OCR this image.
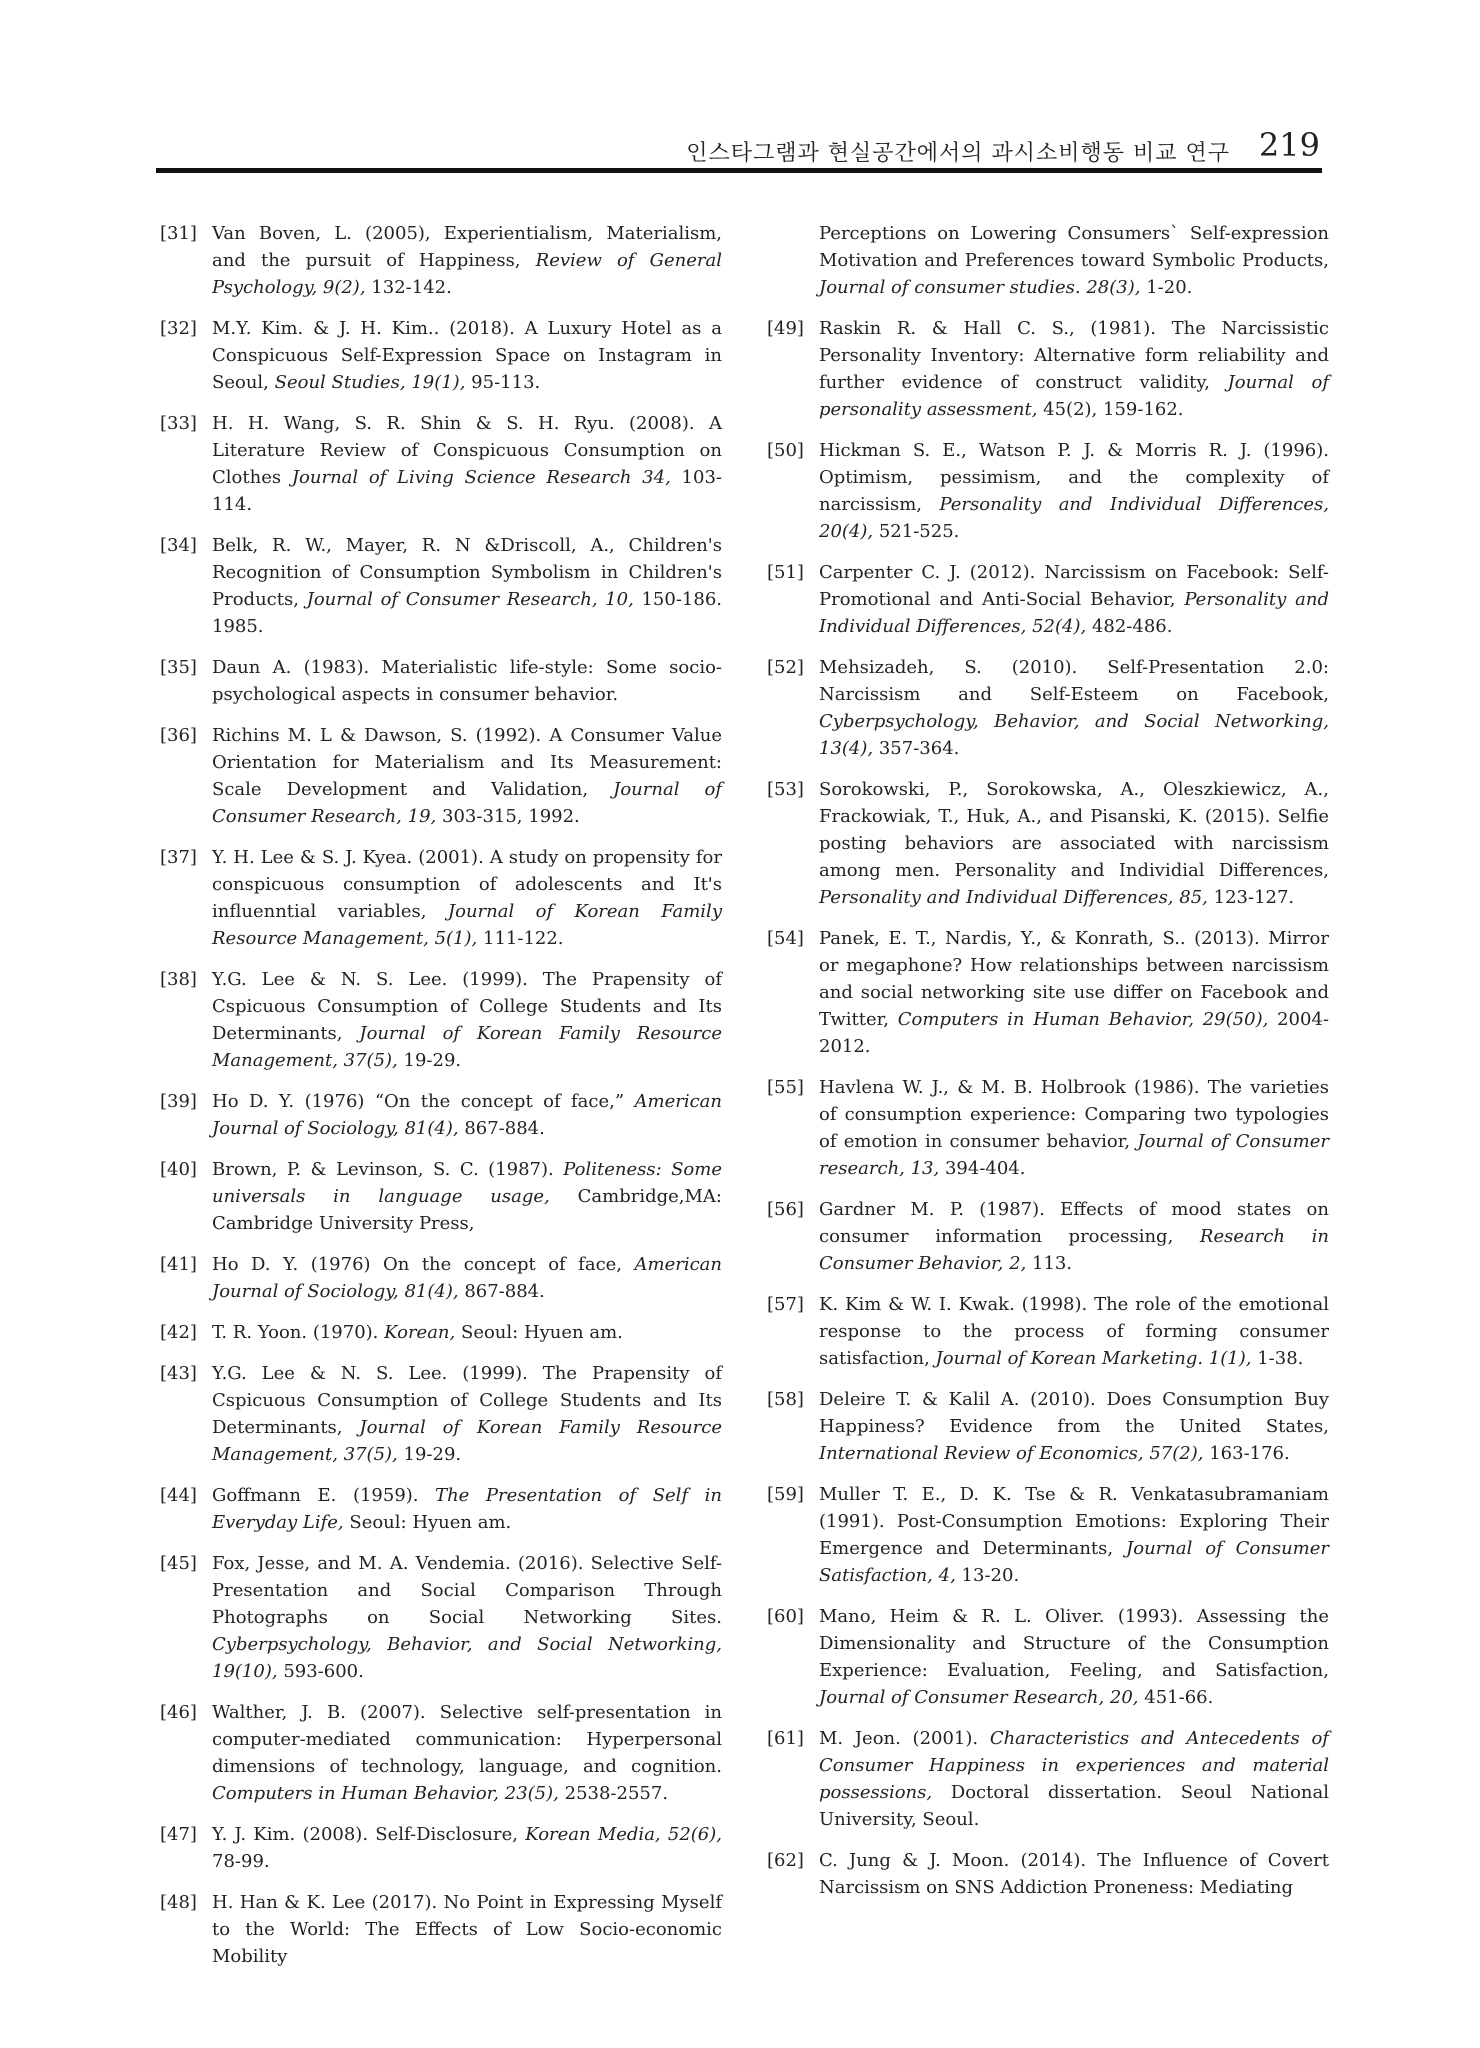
인스타그램과 현실공간에서의 과시소비행동 비교 연구 219
[31] Van Boven, L. (2005), Experientialism, Materialism, and the pursuit of Happiness, Review of General Psychology, 9(2), 132-142.
[32] M.Y. Kim. & J. H. Kim.. (2018). A Luxury Hotel as a Conspicuous Self-Expression Space on Instagram in Seoul, Seoul Studies, 19(1), 95-113.
[33] H. H. Wang, S. R. Shin & S. H. Ryu. (2008). A Literature Review of Conspicuous Consumption on Clothes Journal of Living Science Research 34, 103-114.
[34] Belk, R. W., Mayer, R. N &Driscoll, A., Children's Recognition of Consumption Symbolism in Children's Products, Journal of Consumer Research, 10, 150-186. 1985.
[35] Daun A. (1983). Materialistic life-style: Some socio-psychological aspects in consumer behavior.
[36] Richins M. L & Dawson, S. (1992). A Consumer Value Orientation for Materialism and Its Measurement: Scale Development and Validation, Journal of Consumer Research, 19, 303-315, 1992.
[37] Y. H. Lee & S. J. Kyea. (2001). A study on propensity for conspicuous consumption of adolescents and It's influenntial variables, Journal of Korean Family Resource Management, 5(1), 111-122.
[38] Y.G. Lee & N. S. Lee. (1999). The Prapensity of Cspicuous Consumption of College Students and Its Determinants, Journal of Korean Family Resource Management, 37(5), 19-29.
[39] Ho D. Y. (1976) “On the concept of face,” American Journal of Sociology, 81(4), 867-884.
[40] Brown, P. & Levinson, S. C. (1987). Politeness: Some universals in language usage, Cambridge,MA: Cambridge University Press,
[41] Ho D. Y. (1976) On the concept of face, American Journal of Sociology, 81(4), 867-884.
[42] T. R. Yoon. (1970). Korean, Seoul: Hyuen am.
[43] Y.G. Lee & N. S. Lee. (1999). The Prapensity of Cspicuous Consumption of College Students and Its Determinants, Journal of Korean Family Resource Management, 37(5), 19-29.
[44] Goffmann E. (1959). The Presentation of Self in Everyday Life, Seoul: Hyuen am.
[45] Fox, Jesse, and M. A. Vendemia. (2016). Selective Self-Presentation and Social Comparison Through Photographs on Social Networking Sites. Cyberpsychology, Behavior, and Social Networking, 19(10), 593-600.
[46] Walther, J. B. (2007). Selective self-presentation in computer-mediated communication: Hyperpersonal dimensions of technology, language, and cognition. Computers in Human Behavior, 23(5), 2538-2557.
[47] Y. J. Kim. (2008). Self-Disclosure, Korean Media, 52(6), 78-99.
[48] H. Han & K. Lee (2017). No Point in Expressing Myself to the World: The Effects of Low Socio-economic Mobility
Perceptions on Lowering Consumers` Self-expression Motivation and Preferences toward Symbolic Products, Journal of consumer studies. 28(3), 1-20.
[49] Raskin R. & Hall C. S., (1981). The Narcissistic Personality Inventory: Alternative form reliability and further evidence of construct validity, Journal of personality assessment, 45(2), 159-162.
[50] Hickman S. E., Watson P. J. & Morris R. J. (1996). Optimism, pessimism, and the complexity of narcissism, Personality and Individual Differences, 20(4), 521-525.
[51] Carpenter C. J. (2012). Narcissism on Facebook: Self-Promotional and Anti-Social Behavior, Personality and Individual Differences, 52(4), 482-486.
[52] Mehsizadeh, S. (2010). Self-Presentation 2.0: Narcissism and Self-Esteem on Facebook, Cyberpsychology, Behavior, and Social Networking, 13(4), 357-364.
[53] Sorokowski, P., Sorokowska, A., Oleszkiewicz, A., Frackowiak, T., Huk, A., and Pisanski, K. (2015). Selfie posting behaviors are associated with narcissism among men. Personality and Individial Differences, Personality and Individual Differences, 85, 123-127.
[54] Panek, E. T., Nardis, Y., & Konrath, S.. (2013). Mirror or megaphone? How relationships between narcissism and social networking site use differ on Facebook and Twitter, Computers in Human Behavior, 29(50), 2004-2012.
[55] Havlena W. J., & M. B. Holbrook (1986). The varieties of consumption experience: Comparing two typologies of emotion in consumer behavior, Journal of Consumer research, 13, 394-404.
[56] Gardner M. P. (1987). Effects of mood states on consumer information processing, Research in Consumer Behavior, 2, 113.
[57] K. Kim & W. I. Kwak. (1998). The role of the emotional response to the process of forming consumer satisfaction, Journal of Korean Marketing. 1(1), 1-38.
[58] Deleire T. & Kalil A. (2010). Does Consumption Buy Happiness? Evidence from the United States, International Review of Economics, 57(2), 163-176.
[59] Muller T. E., D. K. Tse & R. Venkatasubramaniam (1991). Post-Consumption Emotions: Exploring Their Emergence and Determinants, Journal of Consumer Satisfaction, 4, 13-20.
[60] Mano, Heim & R. L. Oliver. (1993). Assessing the Dimensionality and Structure of the Consumption Experience: Evaluation, Feeling, and Satisfaction, Journal of Consumer Research, 20, 451-66.
[61] M. Jeon. (2001). Characteristics and Antecedents of Consumer Happiness in experiences and material possessions, Doctoral dissertation. Seoul National University, Seoul.
[62] C. Jung & J. Moon. (2014). The Influence of Covert Narcissism on SNS Addiction Proneness: Mediating
